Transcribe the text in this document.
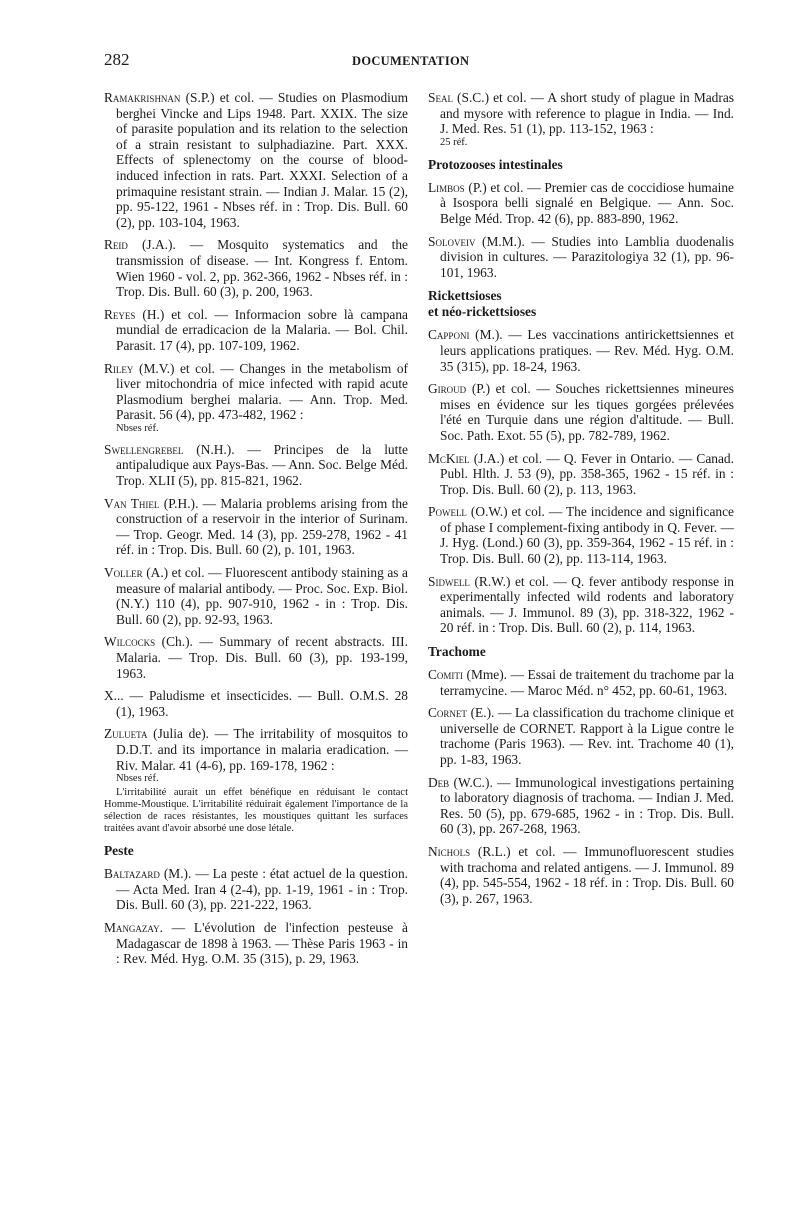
282	DOCUMENTATION
Ramakrishnan (S.P.) et col. — Studies on Plasmodium berghei Vincke and Lips 1948. Part. XXIX. The size of parasite population and its relation to the selection of a strain resistant to sulphadiazine. Part. XXX. Effects of splenectomy on the course of blood-induced infection in rats. Part. XXXI. Selection of a primaquine resistant strain. — Indian J. Malar. 15 (2), pp. 95-122, 1961 - Nbses réf. in : Trop. Dis. Bull. 60 (2), pp. 103-104, 1963.
Reid (J.A.). — Mosquito systematics and the transmission of disease. — Int. Kongress f. Entom. Wien 1960 - vol. 2, pp. 362-366, 1962 - Nbses réf. in : Trop. Dis. Bull. 60 (3), p. 200, 1963.
Reyes (H.) et col. — Informacion sobre là campana mundial de erradicacion de la Malaria. — Bol. Chil. Parasit. 17 (4), pp. 107-109, 1962.
Riley (M.V.) et col. — Changes in the metabolism of liver mitochondria of mice infected with rapid acute Plasmodium berghei malaria. — Ann. Trop. Med. Parasit. 56 (4), pp. 473-482, 1962 :
Nbses réf.
Swellengrebel (N.H.). — Principes de la lutte antipaludique aux Pays-Bas. — Ann. Soc. Belge Méd. Trop. XLII (5), pp. 815-821, 1962.
Van Thiel (P.H.). — Malaria problems arising from the construction of a reservoir in the interior of Surinam. — Trop. Geogr. Med. 14 (3), pp. 259-278, 1962 - 41 réf. in : Trop. Dis. Bull. 60 (2), p. 101, 1963.
Voller (A.) et col. — Fluorescent antibody staining as a measure of malarial antibody. — Proc. Soc. Exp. Biol. (N.Y.) 110 (4), pp. 907-910, 1962 - in : Trop. Dis. Bull. 60 (2), pp. 92-93, 1963.
Wilcocks (Ch.). — Summary of recent abstracts. III. Malaria. — Trop. Dis. Bull. 60 (3), pp. 193-199, 1963.
X... — Paludisme et insecticides. — Bull. O.M.S. 28 (1), 1963.
Zulueta (Julia de). — The irritability of mosquitos to D.D.T. and its importance in malaria eradication. — Riv. Malar. 41 (4-6), pp. 169-178, 1962 :
Nbses réf.
L'irritabilité aurait un effet bénéfique en réduisant le contact Homme-Moustique. L'irritabilité réduirait également l'importance de la sélection de races résistantes, les moustiques quittant les surfaces traitées avant d'avoir absorbé une dose létale.
Peste
Baltazard (M.). — La peste : état actuel de la question. — Acta Med. Iran 4 (2-4), pp. 1-19, 1961 - in : Trop. Dis. Bull. 60 (3), pp. 221-222, 1963.
Mangazay. — L'évolution de l'infection pesteuse à Madagascar de 1898 à 1963. — Thèse Paris 1963 - in : Rev. Méd. Hyg. O.M. 35 (315), p. 29, 1963.
Seal (S.C.) et col. — A short study of plague in Madras and mysore with reference to plague in India. — Ind. J. Med. Res. 51 (1), pp. 113-152, 1963 :
25 réf.
Protozooses intestinales
Limbos (P.) et col. — Premier cas de coccidiose humaine à Isospora belli signalé en Belgique. — Ann. Soc. Belge Méd. Trop. 42 (6), pp. 883-890, 1962.
Soloveiv (M.M.). — Studies into Lamblia duodenalis division in cultures. — Parazitologiya 32 (1), pp. 96-101, 1963.
Rickettsioses
et néo-rickettsioses
Capponi (M.). — Les vaccinations antirickettsiennes et leurs applications pratiques. — Rev. Méd. Hyg. O.M. 35 (315), pp. 18-24, 1963.
Giroud (P.) et col. — Souches rickettsiennes mineures mises en évidence sur les tiques gorgées prélevées l'été en Turquie dans une région d'altitude. — Bull. Soc. Path. Exot. 55 (5), pp. 782-789, 1962.
McKiel (J.A.) et col. — Q. Fever in Ontario. — Canad. Publ. Hlth. J. 53 (9), pp. 358-365, 1962 - 15 réf. in : Trop. Dis. Bull. 60 (2), p. 113, 1963.
Powell (O.W.) et col. — The incidence and significance of phase I complement-fixing antibody in Q. Fever. — J. Hyg. (Lond.) 60 (3), pp. 359-364, 1962 - 15 réf. in : Trop. Dis. Bull. 60 (2), pp. 113-114, 1963.
Sidwell (R.W.) et col. — Q. fever antibody response in experimentally infected wild rodents and laboratory animals. — J. Immunol. 89 (3), pp. 318-322, 1962 - 20 réf. in : Trop. Dis. Bull. 60 (2), p. 114, 1963.
Trachome
Comiti (Mme). — Essai de traitement du trachome par la terramycine. — Maroc Méd. n° 452, pp. 60-61, 1963.
Cornet (E.). — La classification du trachome clinique et universelle de CORNET. Rapport à la Ligue contre le trachome (Paris 1963). — Rev. int. Trachome 40 (1), pp. 1-83, 1963.
Deb (W.C.). — Immunological investigations pertaining to laboratory diagnosis of trachoma. — Indian J. Med. Res. 50 (5), pp. 679-685, 1962 - in : Trop. Dis. Bull. 60 (3), pp. 267-268, 1963.
Nichols (R.L.) et col. — Immunofluorescent studies with trachoma and related antigens. — J. Immunol. 89 (4), pp. 545-554, 1962 - 18 réf. in : Trop. Dis. Bull. 60 (3), p. 267, 1963.
